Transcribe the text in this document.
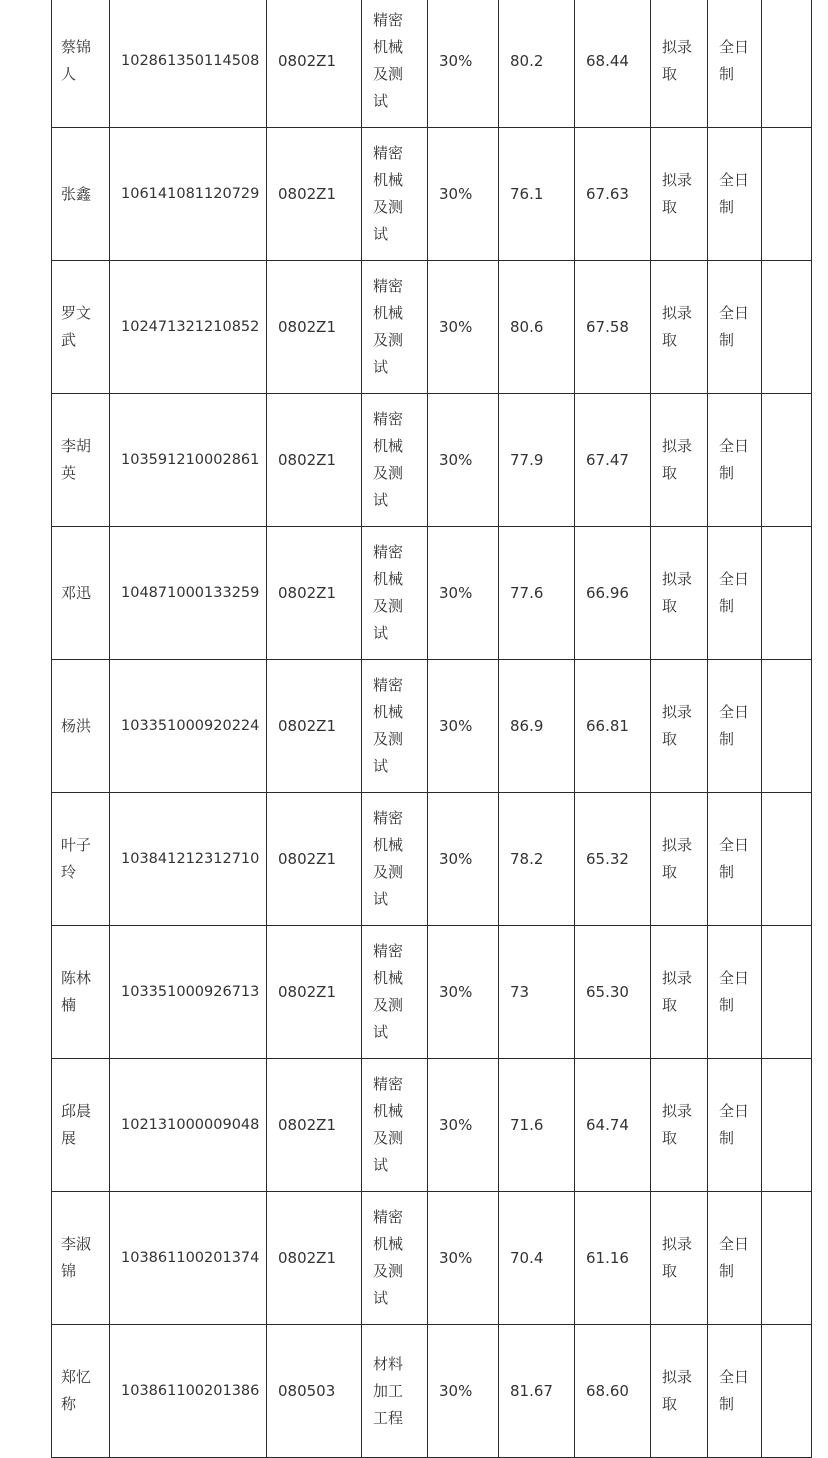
蔡锦人	102861350114508	0802Z1	精密机械及测试	30%	80.2	68.44	拟录取	全日制	

张鑫	106141081120729	0802Z1	精密机械及测试	30%	76.1	67.63	拟录取	全日制	

罗文武	102471321210852	0802Z1	精密机械及测试	30%	80.6	67.58	拟录取	全日制	

李胡英	103591210002861	0802Z1	精密机械及测试	30%	77.9	67.47	拟录取	全日制	

邓迅	104871000133259	0802Z1	精密机械及测试	30%	77.6	66.96	拟录取	全日制	

杨洪	103351000920224	0802Z1	精密机械及测试	30%	86.9	66.81	拟录取	全日制	

叶子玲	103841212312710	0802Z1	精密机械及测试	30%	78.2	65.32	拟录取	全日制	

陈林楠	103351000926713	0802Z1	精密机械及测试	30%	73	65.30	拟录取	全日制	

邱晨展	102131000009048	0802Z1	精密机械及测试	30%	71.6	64.74	拟录取	全日制	

李淑锦	103861100201374	0802Z1	精密机械及测试	30%	70.4	61.16	拟录取	全日制	

郑忆称	103861100201386	080503	材料加工工程	30%	81.67	68.60	拟录取	全日制	
